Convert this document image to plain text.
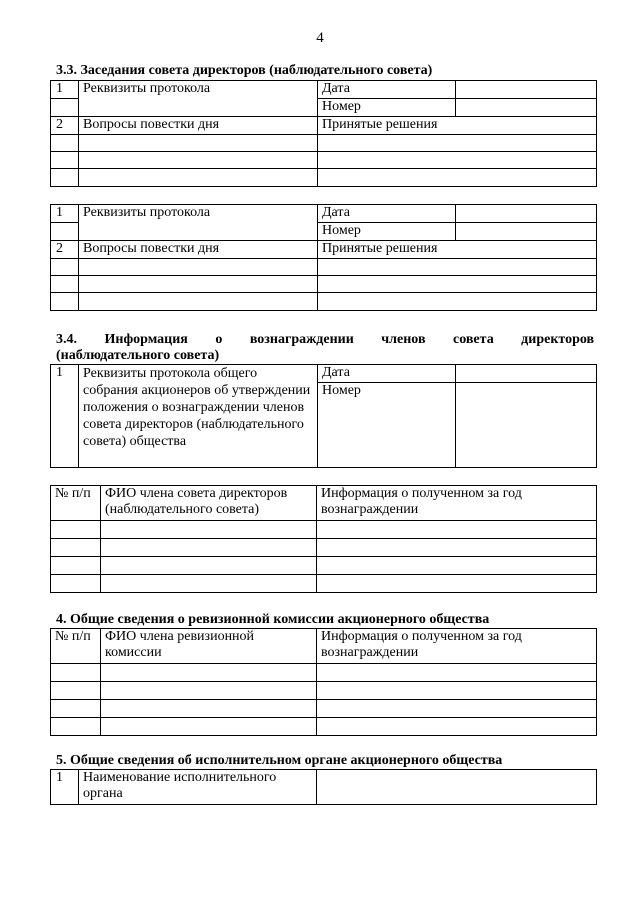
4
3.3. Заседания совета директоров (наблюдательного совета)
1	Реквизиты протокола	Дата	
		Номер	
2	Вопросы повестки дня	Принятые решения	

1	Реквизиты протокола	Дата	
		Номер	
2	Вопросы повестки дня	Принятые решения	

3.4. Информация о вознаграждении членов совета директоров
(наблюдательного совета)
1	Реквизиты протокола общего собрания акционеров об утверждении положения о вознаграждении членов совета директоров (наблюдательного совета) общества	Дата	
		Номер	
№ п/п	ФИО члена совета директоров (наблюдательного совета)	Информация о полученном за год вознаграждении

4. Общие сведения о ревизионной комиссии акционерного общества
№ п/п	ФИО члена ревизионной комиссии	Информация о полученном за год вознаграждении

5. Общие сведения об исполнительном органе акционерного общества
1	Наименование исполнительного органа	
